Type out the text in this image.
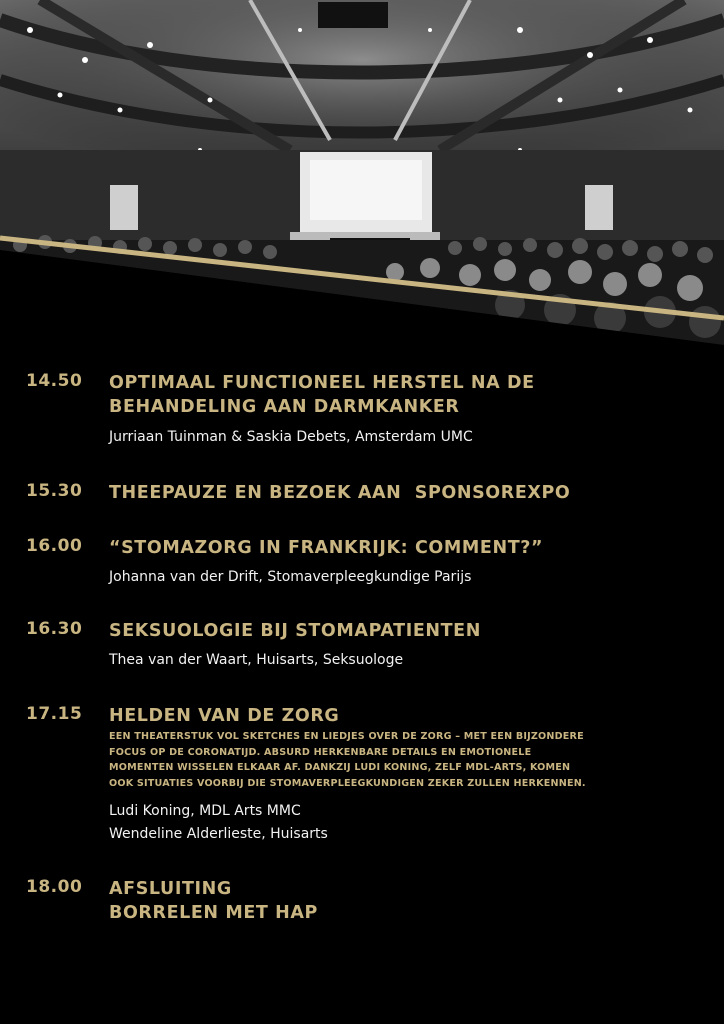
14.50 OPTIMAAL FUNCTIONEEL HERSTEL NA DE
BEHANDELING AAN DARMKANKER
Jurriaan Tuinman & Saskia Debets, Amsterdam UMC
15.30 THEEPAUZE EN BEZOEK AAN  SPONSOREXPO
16.00 “STOMAZORG IN FRANKRIJK: COMMENT?”
Johanna van der Drift, Stomaverpleegkundige Parijs
16.30 SEKSUOLOGIE BIJ STOMAPATIENTEN
Thea van der Waart, Huisarts, Seksuologe
17.15 HELDEN VAN DE ZORG
EEN THEATERSTUK VOL SKETCHES EN LIEDJES OVER DE ZORG – MET EEN BIJZONDERE
FOCUS OP DE CORONATIJD. ABSURD HERKENBARE DETAILS EN EMOTIONELE
MOMENTEN WISSELEN ELKAAR AF. DANKZIJ LUDI KONING, ZELF MDL-ARTS, KOMEN
OOK SITUATIES VOORBIJ DIE STOMAVERPLEEGKUNDIGEN ZEKER ZULLEN HERKENNEN.
Ludi Koning, MDL Arts MMC
Wendeline Alderlieste, Huisarts
18.00 AFSLUITING
BORRELEN MET HAP
